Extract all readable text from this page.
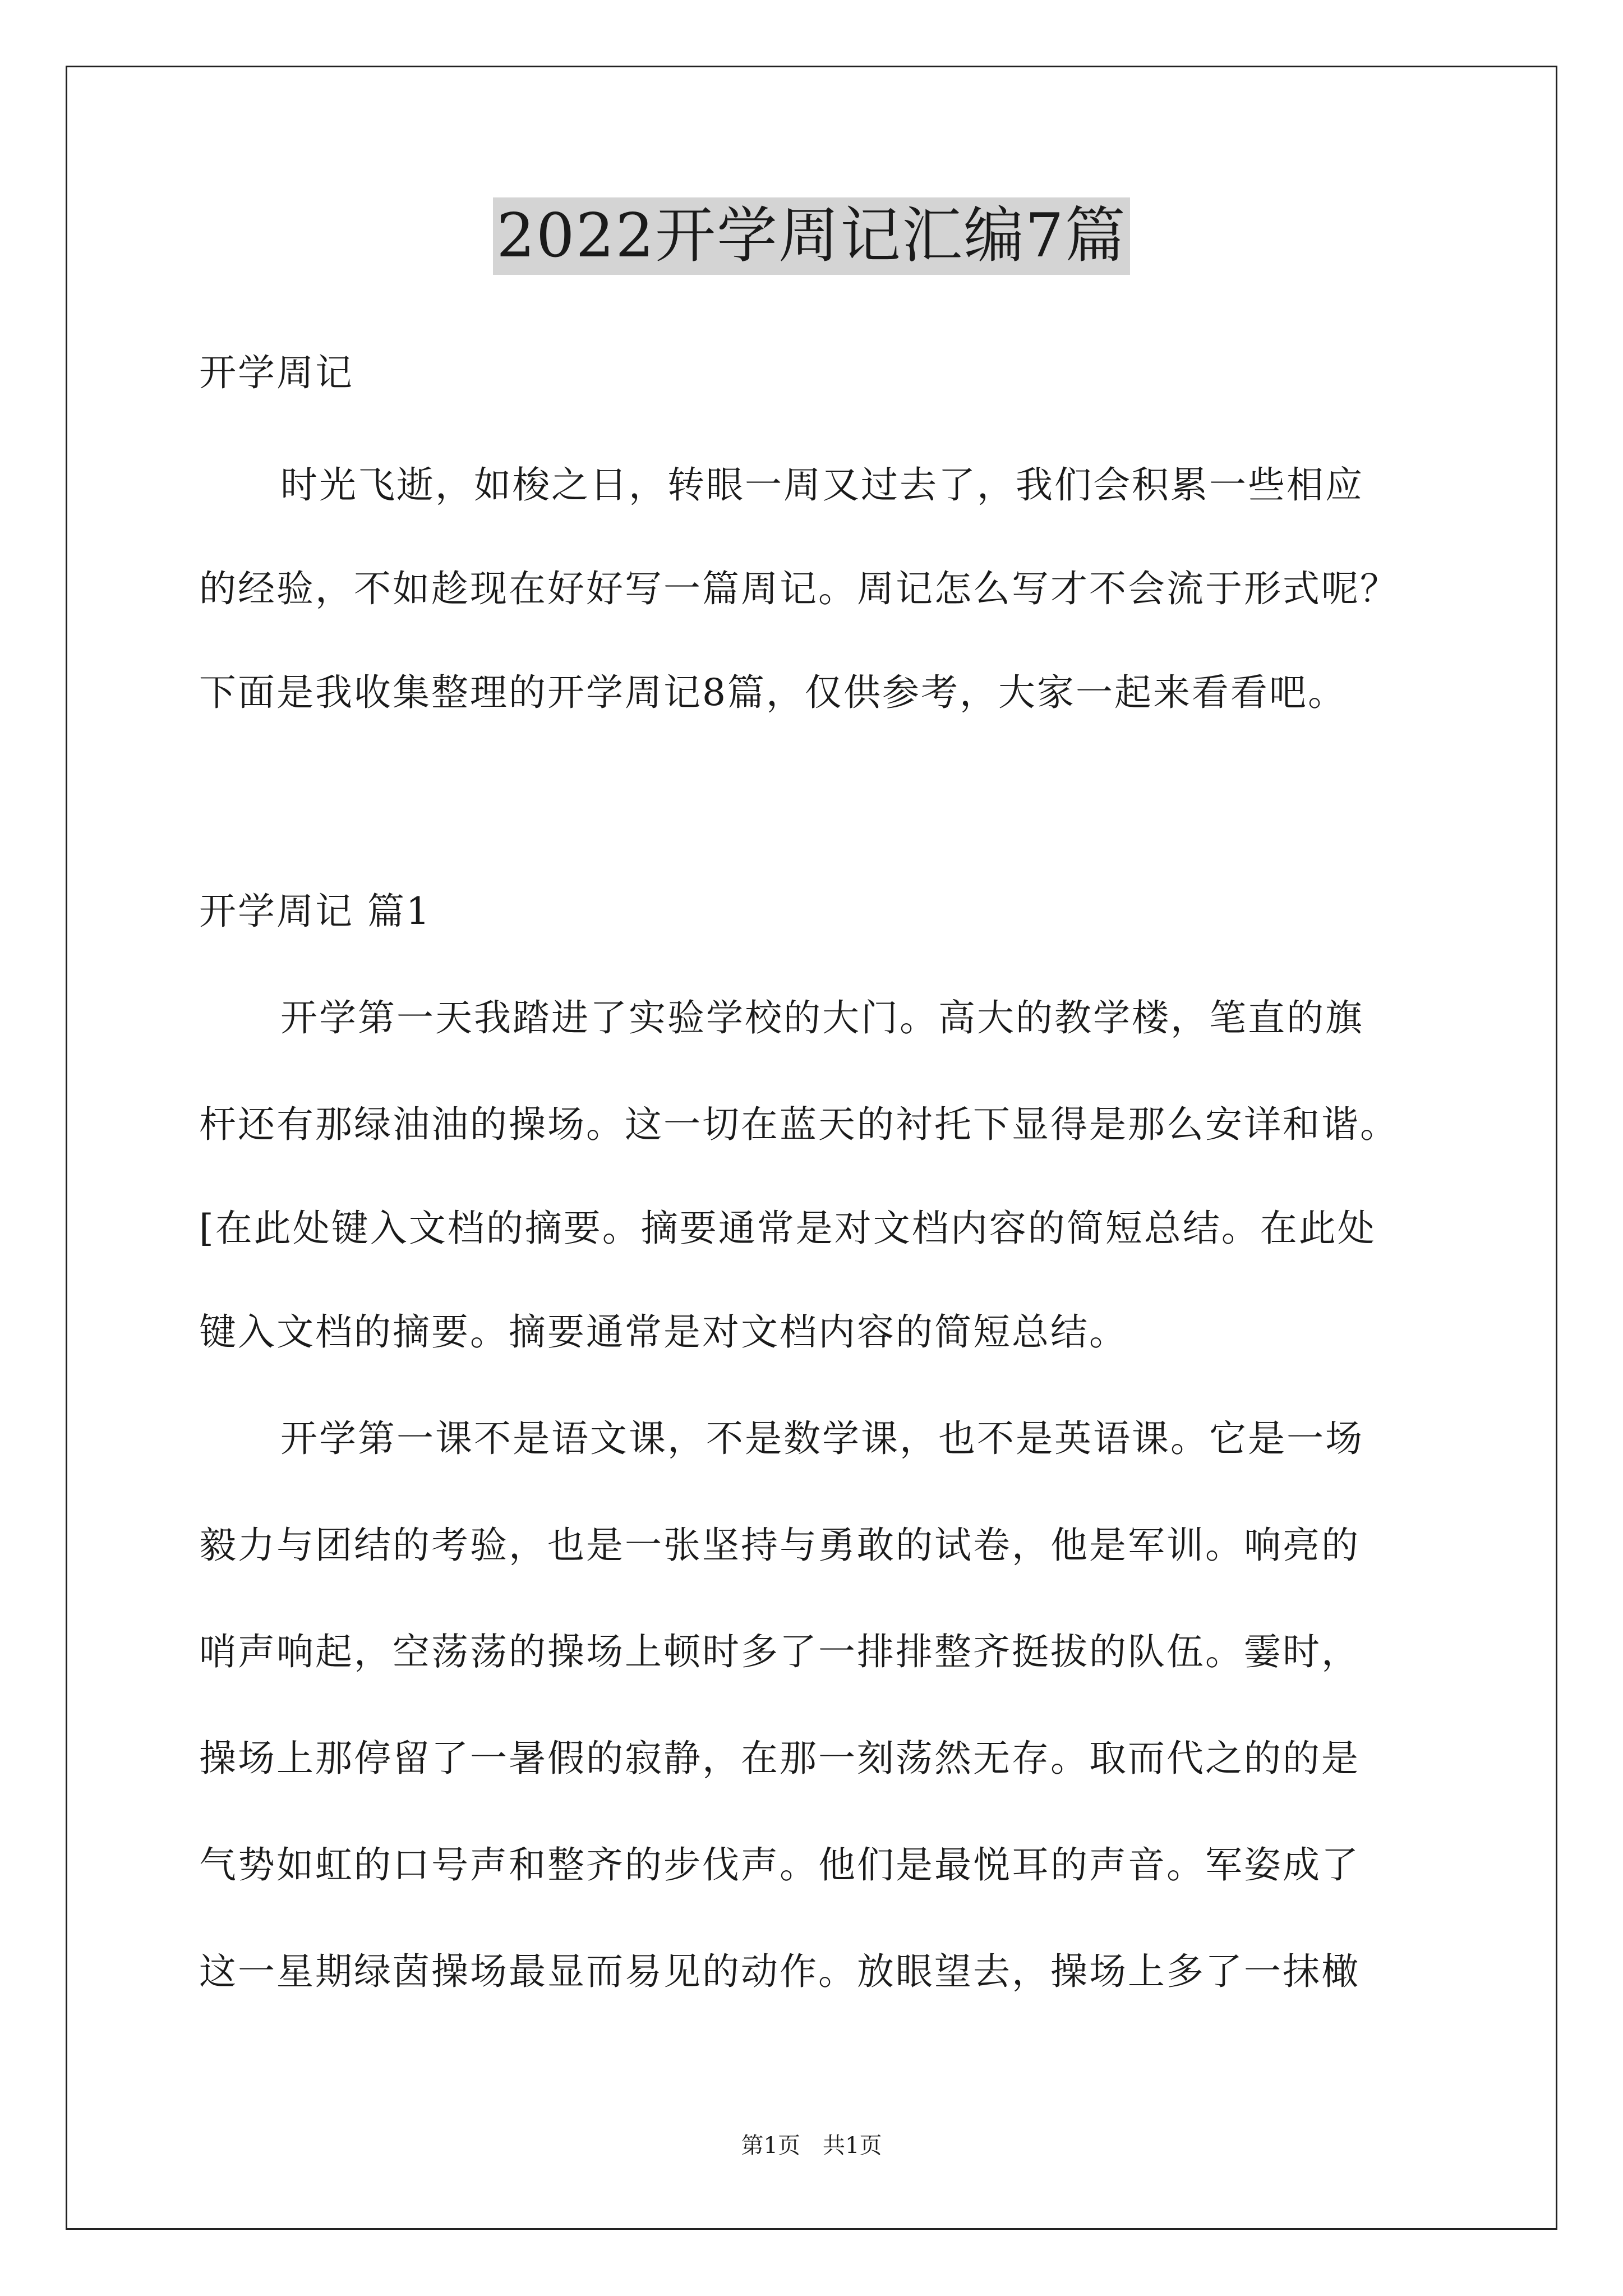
2022开学周记汇编7篇
开学周记
时光飞逝，如梭之日，转眼一周又过去了，我们会积累一些相应
的经验，不如趁现在好好写一篇周记。周记怎么写才不会流于形式呢？
下面是我收集整理的开学周记8篇，仅供参考，大家一起来看看吧。
开学周记 篇1
开学第一天我踏进了实验学校的大门。高大的教学楼，笔直的旗
杆还有那绿油油的操场。这一切在蓝天的衬托下显得是那么安详和谐。
[在此处键入文档的摘要。摘要通常是对文档内容的简短总结。在此处
键入文档的摘要。摘要通常是对文档内容的简短总结。
开学第一课不是语文课，不是数学课，也不是英语课。它是一场
毅力与团结的考验，也是一张坚持与勇敢的试卷，他是军训。响亮的
哨声响起，空荡荡的操场上顿时多了一排排整齐挺拔的队伍。霎时，
操场上那停留了一暑假的寂静，在那一刻荡然无存。取而代之的的是
气势如虹的口号声和整齐的步伐声。他们是最悦耳的声音。军姿成了
这一星期绿茵操场最显而易见的动作。放眼望去，操场上多了一抹橄
第1页　共1页
